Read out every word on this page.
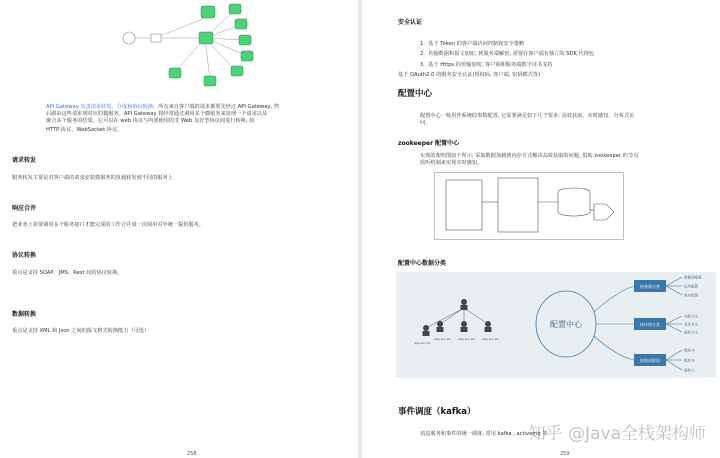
API Gateway 负责请求转发、合成和协议转换。所有来自客户端的请求都要先经过 API Gateway, 然
后路由这些请求到对应的微服务。API Gateway 将经常通过调用多个微服务来处理一个请求以及
聚合多个服务的结果。它可以在 web 协议与内部使用的非 Web 友好型协议间进行转换, 如
HTTP 协议、WebSocket 协议。
请求转发
服务转发主要是对客户端的请求安装微服务的负载转发到不同的服务上
响应合并
把业务上需要调用多个服务接口才能完成的工作合并成一次调用对外统一提供服务。
协议转换
重点是支持 SOAP、JMS、Rest 间的协议转换。
数据转换
重点是支持 XML 和 Json 之间的报文格式转换能力（可选）
258
安全认证
1. 基于 Token 的客户端访问控制和安全策略
2. 传输数据和报文加密, 到服务端解密, 需要在客户端有独立的 SDK 代理包
3. 基于 Https 的传输加密, 客户端和服务端数字证书支持
基于 OAuth2.0 的服务安全认证(授权码, 客户端, 密码模式等)
配置中心
配置中心一般用作系统的参数配置, 它需要满足如下几个要求: 高效获取、实时感知、分布式访
问。
zookeeper 配置中心
实现的架构图如下所示, 采取数据加载到内存方式解决高效获取的问题, 借助 zookeeper 的节点
监听机制来实现实时感知。
配置中心数据分类
app-svc-01
app-svc-02 app-svc-03 app-svc-04
配置中心
按来源分类
按环境分类
按集成阶段
数据库配置
队列配置
缓存配置
功能开关
业务开关
监控开关
模块 A
模块 B
模块 C
事件调度（kafka）
消息服务和事件的统一调度, 常用 kafka , activemq 等。
259
知乎 @Java全栈架构师
